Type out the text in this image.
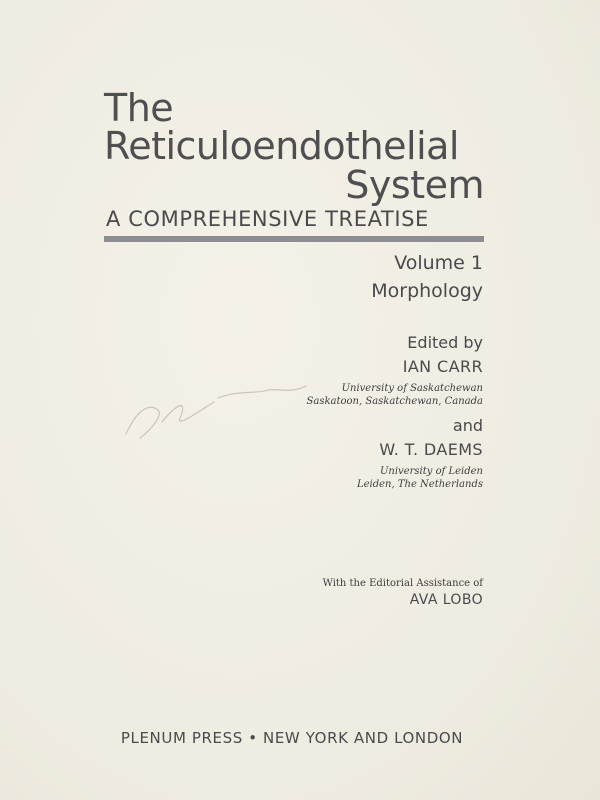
The
Reticuloendothelial
System
A COMPREHENSIVE TREATISE
Volume 1
Morphology
Edited by
IAN CARR
University of Saskatchewan
Saskatoon, Saskatchewan, Canada
and
W. T. DAEMS
University of Leiden
Leiden, The Netherlands
With the Editorial Assistance of
AVA LOBO
PLENUM PRESS • NEW YORK AND LONDON
